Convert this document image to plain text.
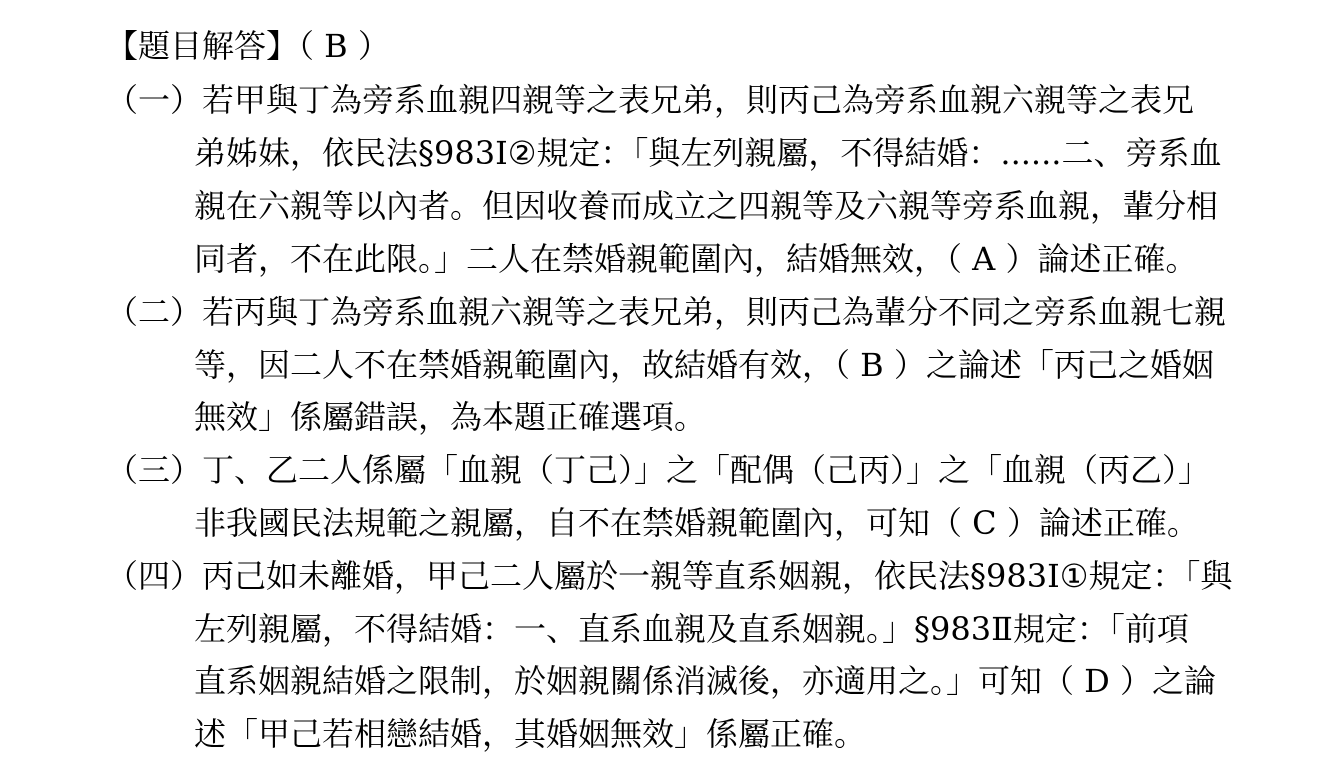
【題目解答】（ B ）
（一）若甲與丁為旁系血親四親等之表兄弟，則丙己為旁系血親六親等之表兄
弟姊妹，依民法§983Ⅰ②規定：「與左列親屬，不得結婚：......二、旁系血
親在六親等以內者。但因收養而成立之四親等及六親等旁系血親，輩分相
同者，不在此限。」二人在禁婚親範圍內，結婚無效，（ A ）論述正確。
（二）若丙與丁為旁系血親六親等之表兄弟，則丙己為輩分不同之旁系血親七親
等，因二人不在禁婚親範圍內，故結婚有效，（ B ）之論述「丙己之婚姻
無效」係屬錯誤，為本題正確選項。
（三）丁、乙二人係屬「血親（丁己）」之「配偶（己丙）」之「血親（丙乙）」
非我國民法規範之親屬，自不在禁婚親範圍內，可知（ C ）論述正確。
（四）丙己如未離婚，甲己二人屬於一親等直系姻親，依民法§983Ⅰ①規定：「與
左列親屬，不得結婚：一、直系血親及直系姻親。」§983Ⅱ規定：「前項
直系姻親結婚之限制，於姻親關係消滅後，亦適用之。」可知（ D ）之論
述「甲己若相戀結婚，其婚姻無效」係屬正確。
